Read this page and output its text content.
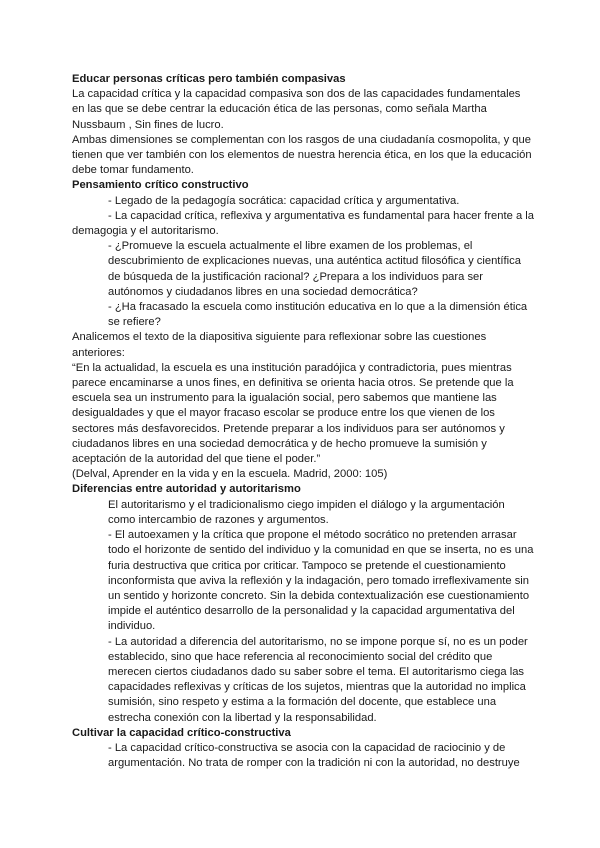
Educar personas críticas pero también compasivas

La capacidad crítica y la capacidad compasiva son dos de las capacidades fundamentales en las que se debe centrar la educación ética de las personas, como señala Martha Nussbaum , Sin fines de lucro.

Ambas dimensiones se complementan con los rasgos de una ciudadanía cosmopolita, y que tienen que ver también con los elementos de nuestra herencia ética, en los que la educación debe tomar fundamento.

Pensamiento crítico constructivo

- Legado de la pedagogía socrática: capacidad crítica y argumentativa.

- La capacidad crítica, reflexiva y argumentativa es fundamental para hacer frente a la demagogia y el autoritarismo.

- ¿Promueve la escuela actualmente el libre examen de los problemas, el descubrimiento de explicaciones nuevas, una auténtica actitud filosófica y científica de búsqueda de la justificación racional? ¿Prepara a los individuos para ser autónomos y ciudadanos libres en una sociedad democrática?

- ¿Ha fracasado la escuela como institución educativa en lo que a la dimensión ética se refiere?

Analicemos el texto de la diapositiva siguiente para reflexionar sobre las cuestiones anteriores:

“En la actualidad, la escuela es una institución paradójica y contradictoria, pues mientras parece encaminarse a unos fines, en definitiva se orienta hacia otros. Se pretende que la escuela sea un instrumento para la igualación social, pero sabemos que mantiene las desigualdades y que el mayor fracaso escolar se produce entre los que vienen de los sectores más desfavorecidos. Pretende preparar a los individuos para ser autónomos y ciudadanos libres en una sociedad democrática y de hecho promueve la sumisión y aceptación de la autoridad del que tiene el poder.”

(Delval, Aprender en la vida y en la escuela. Madrid, 2000: 105)

Diferencias entre autoridad y autoritarismo

El autoritarismo y el tradicionalismo ciego impiden el diálogo y la argumentación como intercambio de razones y argumentos.

- El autoexamen y la crítica que propone el método socrático no pretenden arrasar todo el horizonte de sentido del individuo y la comunidad en que se inserta, no es una furia destructiva que critica por criticar. Tampoco se pretende el cuestionamiento inconformista que aviva la reflexión y la indagación, pero tomado irreflexivamente sin un sentido y horizonte concreto. Sin la debida contextualización ese cuestionamiento impide el auténtico desarrollo de la personalidad y la capacidad argumentativa del individuo.

- La autoridad a diferencia del autoritarismo, no se impone porque sí, no es un poder establecido, sino que hace referencia al reconocimiento social del crédito que merecen ciertos ciudadanos dado su saber sobre el tema. El autoritarismo ciega las capacidades reflexivas y críticas de los sujetos, mientras que la autoridad no implica sumisión, sino respeto y estima a la formación del docente, que establece una estrecha conexión con la libertad y la responsabilidad.

Cultivar la capacidad crítico-constructiva

- La capacidad crítico-constructiva se asocia con la capacidad de raciocinio y de argumentación. No trata de romper con la tradición ni con la autoridad, no destruye
